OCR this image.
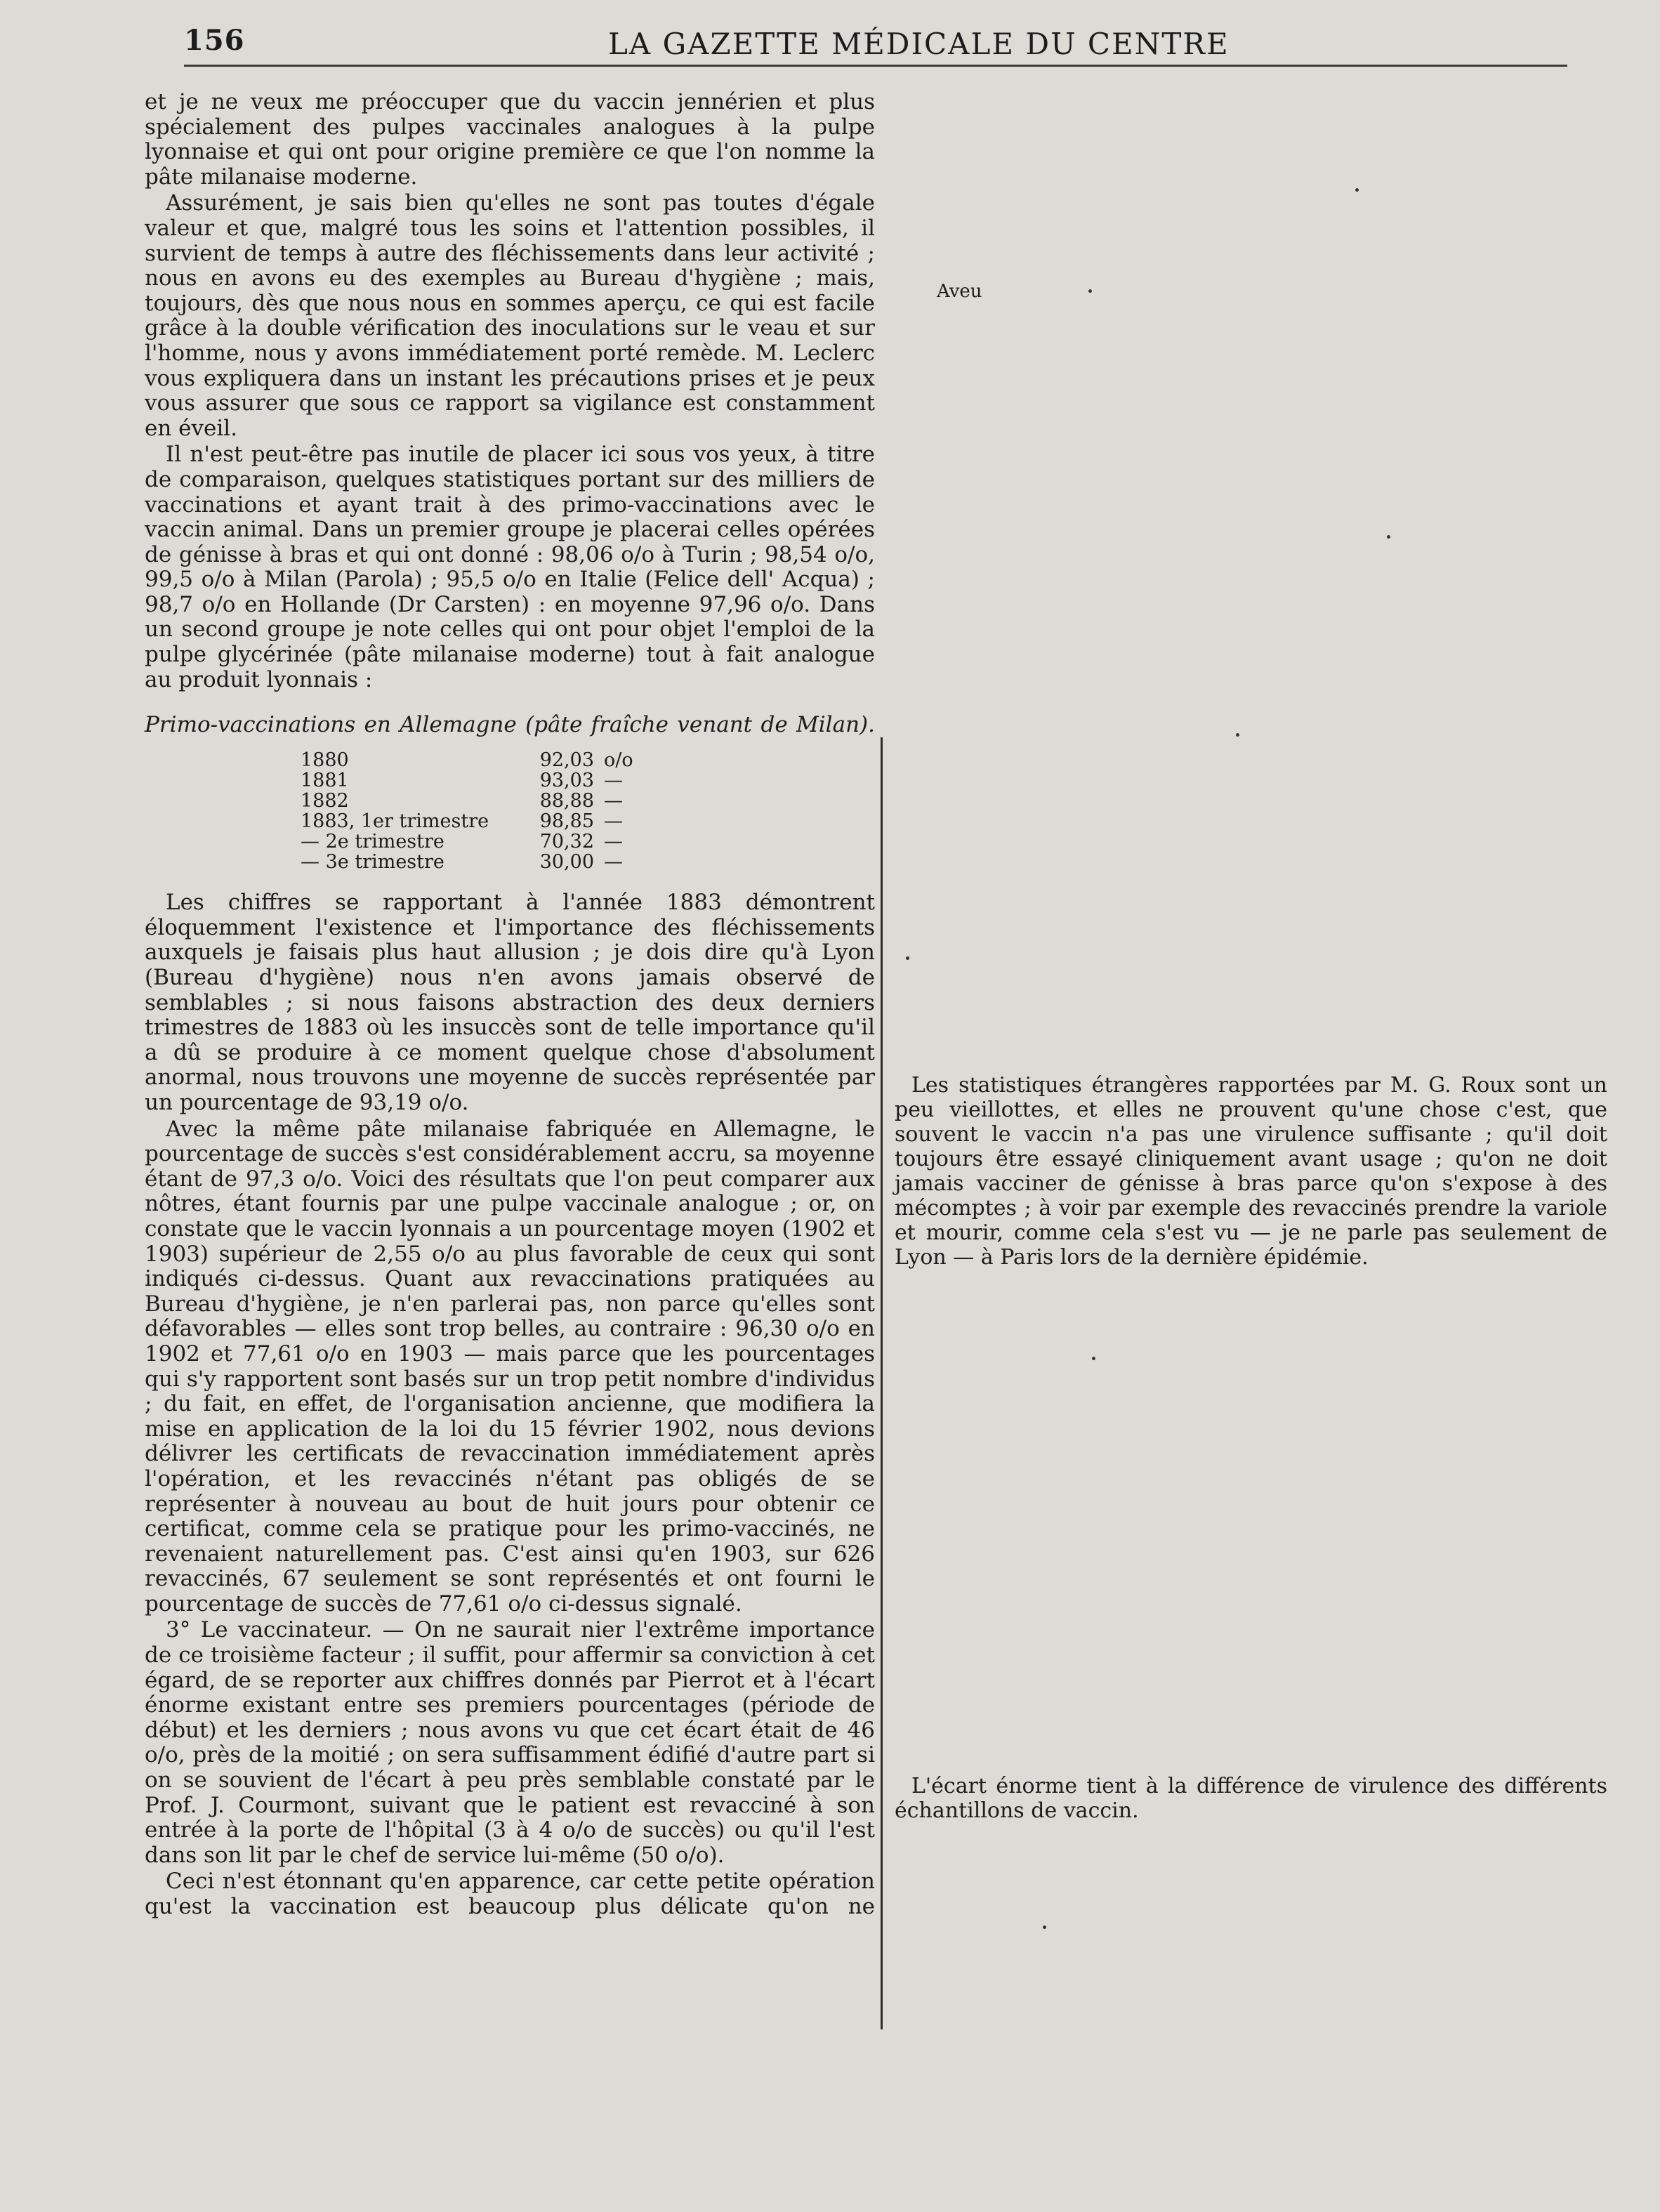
156	LA GAZETTE MÉDICALE DU CENTRE

et je ne veux me préoccuper que du vaccin jennérien et plus spécialement des pulpes vaccinales analogues à la pulpe lyonnaise et qui ont pour origine première ce que l'on nomme la pâte milanaise moderne.

Assurément, je sais bien qu'elles ne sont pas toutes d'égale valeur et que, malgré tous les soins et l'attention possibles, il survient de temps à autre des fléchissements dans leur activité ; nous en avons eu des exemples au Bureau d'hygiène ; mais, toujours, dès que nous nous en sommes aperçu, ce qui est facile grâce à la double vérification des inoculations sur le veau et sur l'homme, nous y avons immédiatement porté remède. M. Leclerc vous expliquera dans un instant les précautions prises et je peux vous assurer que sous ce rapport sa vigilance est constamment en éveil.

Il n'est peut-être pas inutile de placer ici sous vos yeux, à titre de comparaison, quelques statistiques portant sur des milliers de vaccinations et ayant trait à des primo-vaccinations avec le vaccin animal. Dans un premier groupe je placerai celles opérées de génisse à bras et qui ont donné : 98,06 o/o à Turin ; 98,54 o/o, 99,5 o/o à Milan (Parola) ; 95,5 o/o en Italie (Felice dell' Acqua) ; 98,7 o/o en Hollande (Dr Carsten) : en moyenne 97,96 o/o. Dans un second groupe je note celles qui ont pour objet l'emploi de la pulpe glycérinée (pâte milanaise moderne) tout à fait analogue au produit lyonnais :

Primo-vaccinations en Allemagne (pâte fraîche venant de Milan).
1880	92,03	o/o
1881	93,03	—
1882	88,88	—
1883, 1er trimestre	98,85	—
— 2e trimestre	70,32	—
— 3e trimestre	30,00	—

Les chiffres se rapportant à l'année 1883 démontrent éloquemment l'existence et l'importance des fléchissements auxquels je faisais plus haut allusion ; je dois dire qu'à Lyon (Bureau d'hygiène) nous n'en avons jamais observé de semblables ; si nous faisons abstraction des deux derniers trimestres de 1883 où les insuccès sont de telle importance qu'il a dû se produire à ce moment quelque chose d'absolument anormal, nous trouvons une moyenne de succès représentée par un pourcentage de 93,19 o/o.

Avec la même pâte milanaise fabriquée en Allemagne, le pourcentage de succès s'est considérablement accru, sa moyenne étant de 97,3 o/o. Voici des résultats que l'on peut comparer aux nôtres, étant fournis par une pulpe vaccinale analogue ; or, on constate que le vaccin lyonnais a un pourcentage moyen (1902 et 1903) supérieur de 2,55 o/o au plus favorable de ceux qui sont indiqués ci-dessus. Quant aux revaccinations pratiquées au Bureau d'hygiène, je n'en parlerai pas, non parce qu'elles sont défavorables — elles sont trop belles, au contraire : 96,30 o/o en 1902 et 77,61 o/o en 1903 — mais parce que les pourcentages qui s'y rapportent sont basés sur un trop petit nombre d'individus ; du fait, en effet, de l'organisation ancienne, que modifiera la mise en application de la loi du 15 février 1902, nous devions délivrer les certificats de revaccination immédiatement après l'opération, et les revaccinés n'étant pas obligés de se représenter à nouveau au bout de huit jours pour obtenir ce certificat, comme cela se pratique pour les primo-vaccinés, ne revenaient naturellement pas. C'est ainsi qu'en 1903, sur 626 revaccinés, 67 seulement se sont représentés et ont fourni le pourcentage de succès de 77,61 o/o ci-dessus signalé.

3° Le vaccinateur. — On ne saurait nier l'extrême importance de ce troisième facteur ; il suffit, pour affermir sa conviction à cet égard, de se reporter aux chiffres donnés par Pierrot et à l'écart énorme existant entre ses premiers pourcentages (période de début) et les derniers ; nous avons vu que cet écart était de 46 o/o, près de la moitié ; on sera suffisamment édifié d'autre part si on se souvient de l'écart à peu près semblable constaté par le Prof. J. Courmont, suivant que le patient est revacciné à son entrée à la porte de l'hôpital (3 à 4 o/o de succès) ou qu'il l'est dans son lit par le chef de service lui-même (50 o/o).

Ceci n'est étonnant qu'en apparence, car cette petite opération qu'est la vaccination est beaucoup plus délicate qu'on ne

Aveu

Les statistiques étrangères rapportées par M. G. Roux sont un peu vieillottes, et elles ne prouvent qu'une chose c'est, que souvent le vaccin n'a pas une virulence suffisante ; qu'il doit toujours être essayé cliniquement avant usage ; qu'on ne doit jamais vacciner de génisse à bras parce qu'on s'expose à des mécomptes ; à voir par exemple des revaccinés prendre la variole et mourir, comme cela s'est vu — je ne parle pas seulement de Lyon — à Paris lors de la dernière épidémie.

L'écart énorme tient à la différence de virulence des différents échantillons de vaccin.
